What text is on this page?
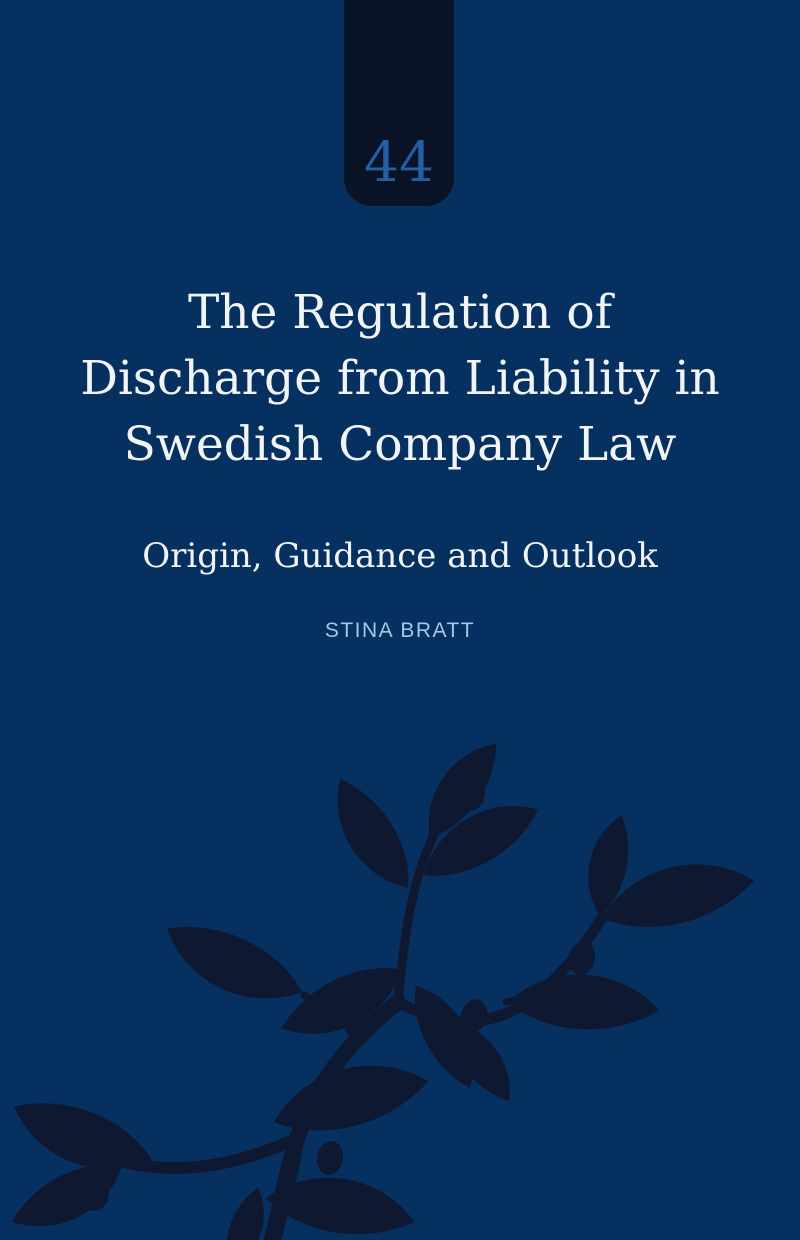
44
The Regulation of
Discharge from Liability in
Swedish Company Law
Origin, Guidance and Outlook
STINA BRATT
